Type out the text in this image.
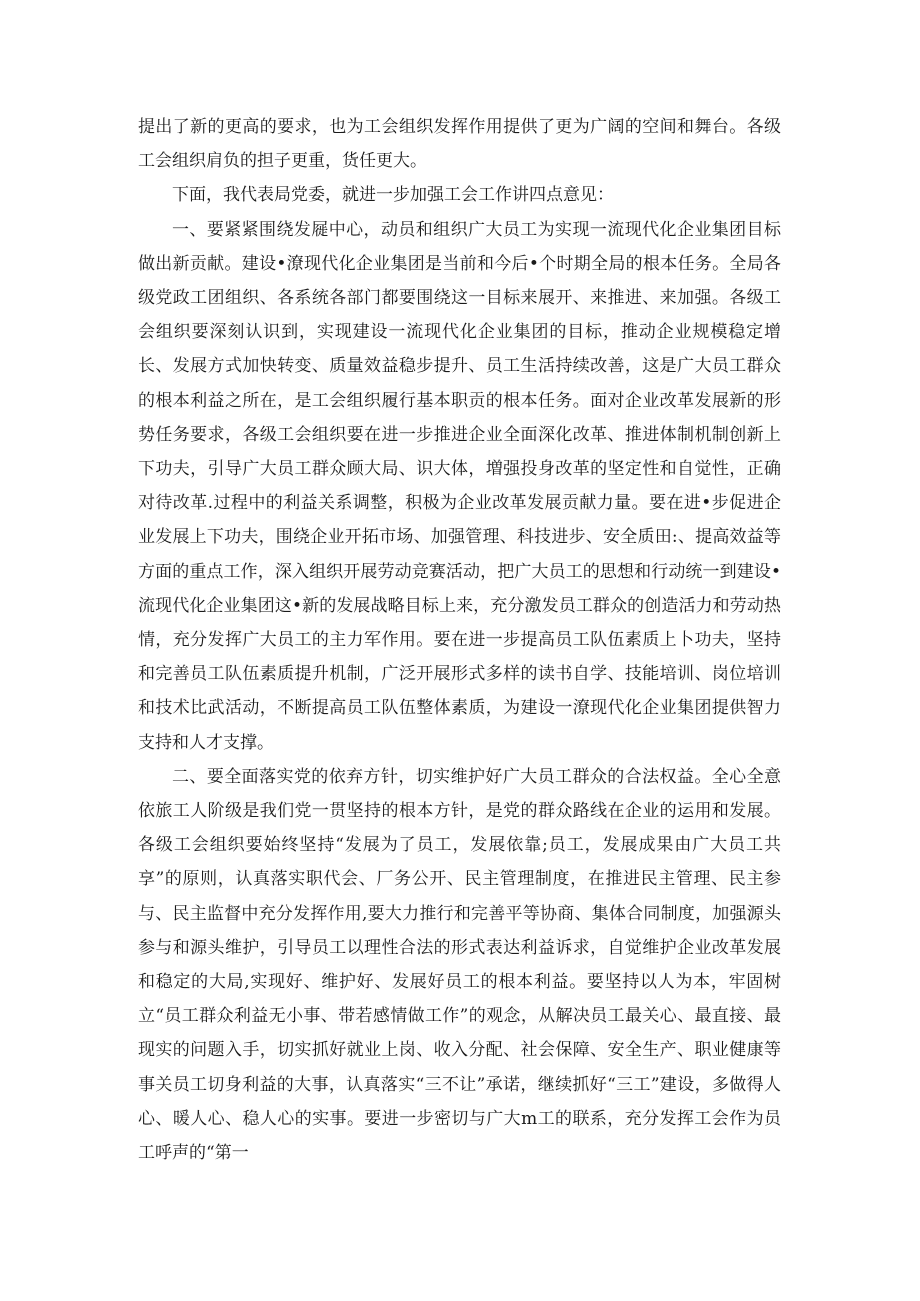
提出了新的更高的要求，也为工会组织发挥作用提供了更为广阔的空间和舞台。各级工会组织肩负的担子更重，货任更大。

下面，我代表局党委，就进一步加强工会工作讲四点意见：

一、要紧紧围绕发屣中心，动员和组织广大员工为实现一流现代化企业集团目标做出新贡献。建设•潦现代化企业集团是当前和今后•个时期全局的根本任务。全局各级党政工团组织、各系统各部门都要围绕这一目标来展开、来推进、来加强。各级工会组织要深刻认识到，实现建设一流现代化企业集团的目标，推动企业规模稳定增长、发展方式加快转变、质量效益稳步提升、员工生活持续改善，这是广大员工群众的根本利益之所在，是工会组织履行基本职贡的根本任务。面对企业改革发展新的形势任务要求，各级工会组织要在进一步推进企业全面深化改革、推进体制机制创新上下功夫，引导广大员工群众顾大局、识大体，増强投身改革的坚定性和自觉性，正确对待改革.过程中的利益关系调整，积极为企业改革发展贡献力量。要在进•步促进企业发展上下功夫，围绕企业开拓市场、加强管理、科技进步、安全质田:、提高效益等方面的重点工作，深入组织开展劳动竞赛活动，把广大员工的思想和行动统一到建设•流现代化企业集团这•新的发展战略目标上来，充分激发员工群众的创造活力和劳动热情，充分发挥广大员工的主力军作用。要在进一步提高员工队伍素质上卜功夫，坚持和完善员工队伍素质提升机制，广泛开展形式多样的读书自学、技能培训、岗位培训和技术比武活动，不断提高员工队伍整体素质，为建设一潦现代化企业集团提供智力支持和人才支撑。

二、要全面落实党的依弃方针，切实维护好广大员工群众的合法权益。全心全意依旅工人阶级是我们党一贯坚持的根本方针，是党的群众路线在企业的运用和发展。各级工会组织要始终坚持“发展为了员工，发展依靠;员工，发展成果由广大员工共享”的原则，认真落实职代会、厂务公开、民主管理制度，在推进民主管理、民主参与、民主监督中充分发挥作用,要大力推行和完善平等协商、集体合同制度，加强源头参与和源头维护，引导员工以理性合法的形式表达利益诉求，自觉维护企业改革发展和稳定的大局,实现好、维护好、发展好员工的根本利益。要坚持以人为本，牢固树立“员工群众利益无小事、带若感情做工作”的观念，从解决员工最关心、最直接、最现实的问题入手，切实抓好就业上岗、收入分配、社会保障、安全生产、职业健康等事关员工切身利益的大事，认真落实“三不让”承诺，继续抓好“三工”建设，多做得人心、暖人心、稳人心的实事。要进一步密切与广大m工的联系，充分发挥工会作为员工呼声的“第一
